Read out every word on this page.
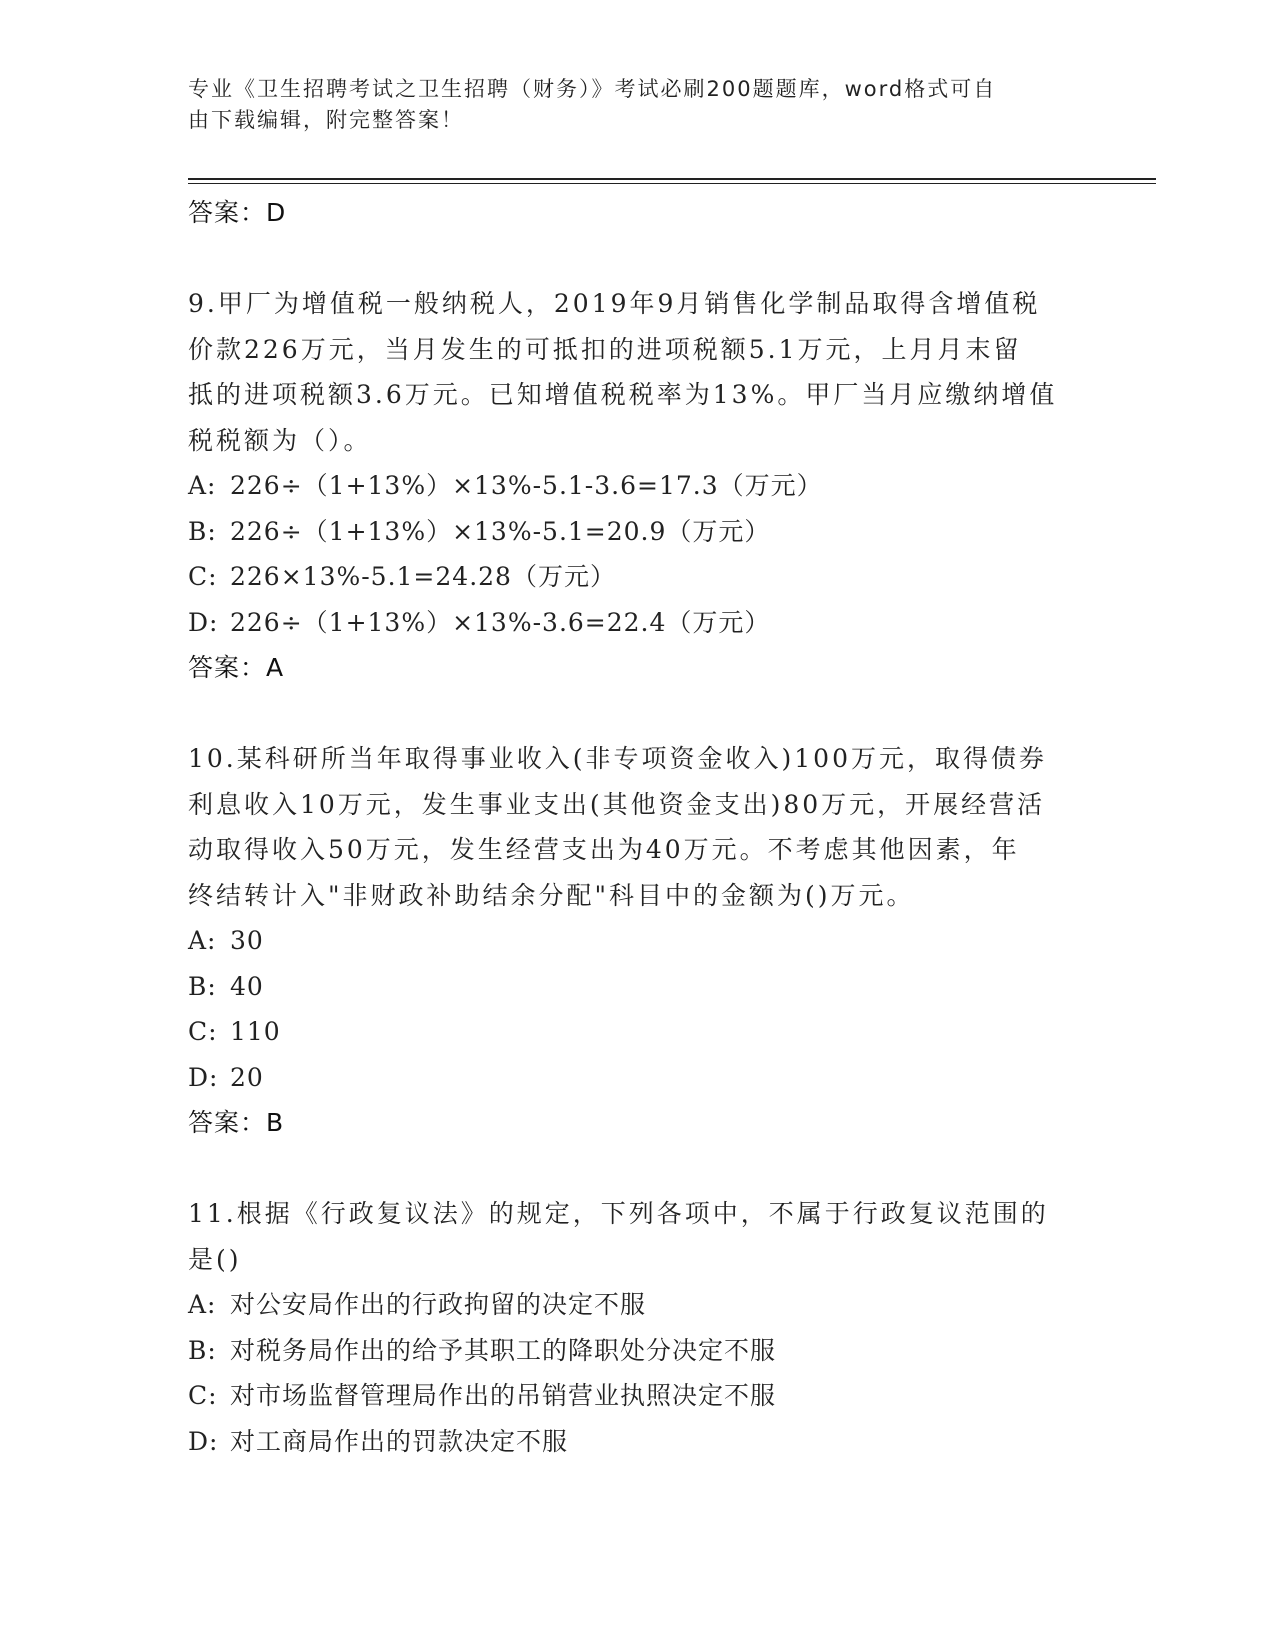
专业《卫生招聘考试之卫生招聘（财务）》考试必刷200题题库，word格式可自
由下载编辑，附完整答案！
答案：D
9.甲厂为增值税一般纳税人，2019年9月销售化学制品取得含增值税
价款226万元，当月发生的可抵扣的进项税额5.1万元，上月月末留
抵的进项税额3.6万元。已知增值税税率为13%。甲厂当月应缴纳增值
税税额为（）。
A: 226÷（1+13%）×13%-5.1-3.6=17.3（万元）
B: 226÷（1+13%）×13%-5.1=20.9（万元）
C: 226×13%-5.1=24.28（万元）
D: 226÷（1+13%）×13%-3.6=22.4（万元）
答案：A
10.某科研所当年取得事业收入(非专项资金收入)100万元，取得债券
利息收入10万元，发生事业支出(其他资金支出)80万元，开展经营活
动取得收入50万元，发生经营支出为40万元。不考虑其他因素，年
终结转计入"非财政补助结余分配"科目中的金额为()万元。
A: 30
B: 40
C: 110
D: 20
答案：B
11.根据《行政复议法》的规定，下列各项中，不属于行政复议范围的
是()
A: 对公安局作出的行政拘留的决定不服
B: 对税务局作出的给予其职工的降职处分决定不服
C: 对市场监督管理局作出的吊销营业执照决定不服
D: 对工商局作出的罚款决定不服
